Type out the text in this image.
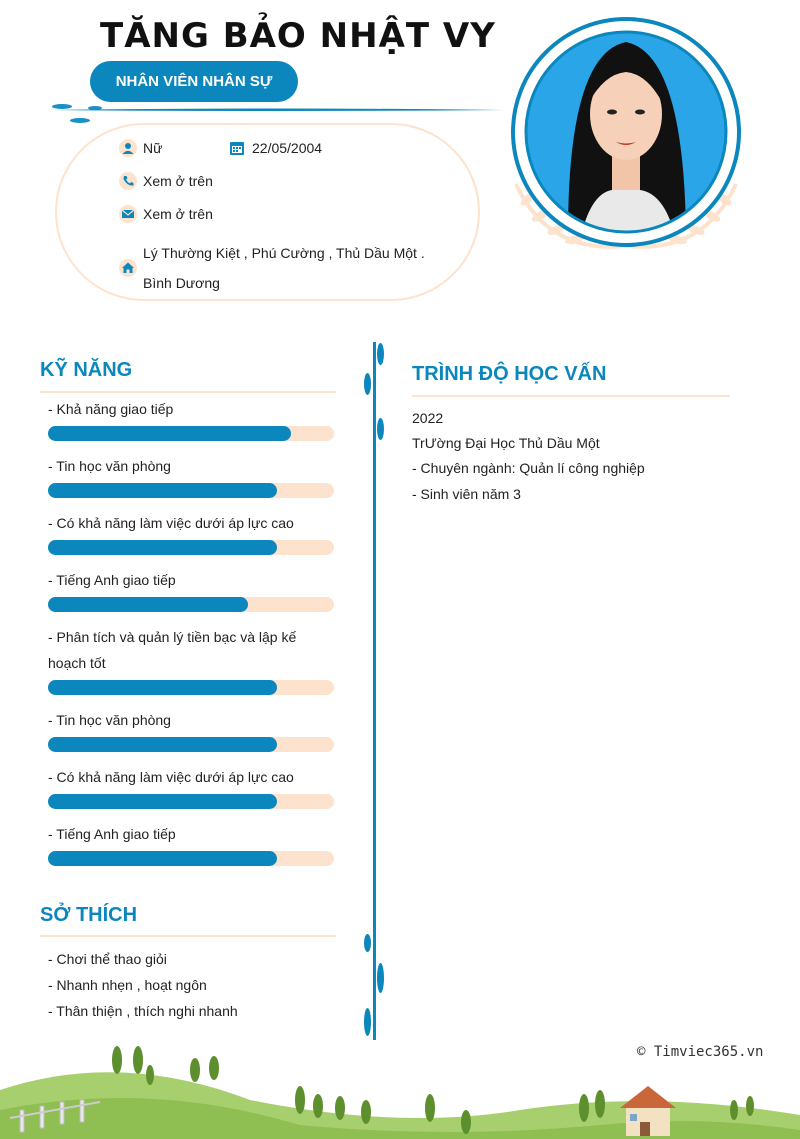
TĂNG BẢO NHẬT VY
NHÂN VIÊN NHÂN SỰ
Nữ	22/05/2004
Xem ở trên
Xem ở trên
Lý Thường Kiệt , Phú Cường , Thủ Dầu Một .
Bình Dương
KỸ NĂNG
- Khả năng giao tiếp
- Tin học văn phòng
- Có khả năng làm việc dưới áp lực cao
- Tiếng Anh giao tiếp
- Phân tích và quản lý tiền bạc và lập kế hoạch tốt
- Tin học văn phòng
- Có khả năng làm việc dưới áp lực cao
- Tiếng Anh giao tiếp
SỞ THÍCH
- Chơi thể thao giỏi
- Nhanh nhẹn , hoạt ngôn
- Thân thiện , thích nghi nhanh
TRÌNH ĐỘ HỌC VẤN
2022
TrƯờng Đại Học Thủ Dầu Một
- Chuyên ngành: Quản lí công nghiệp
- Sinh viên năm 3
© Timviec365.vn
